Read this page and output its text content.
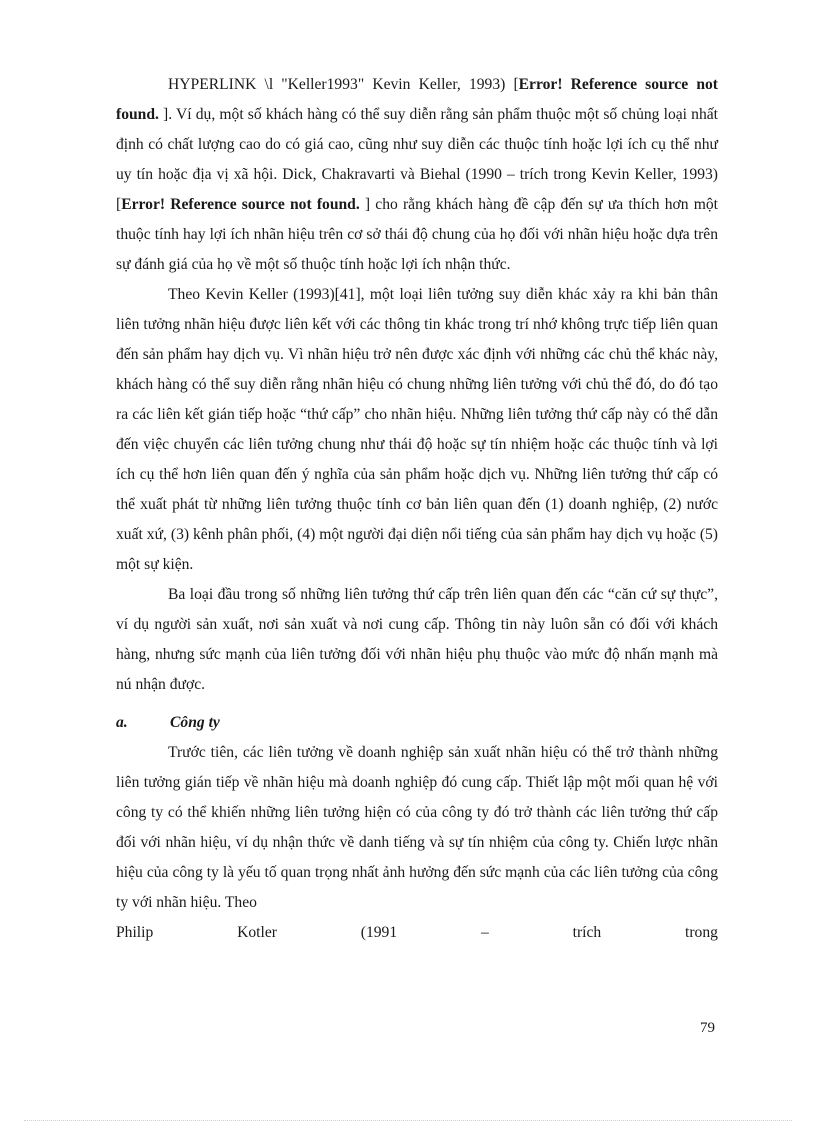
HYPERLINK \l "Keller1993" Kevin Keller, 1993) [Error! Reference source not found. ]. Ví dụ, một số khách hàng có thể suy diễn rằng sản phẩm thuộc một số chủng loại nhất định có chất lượng cao do có giá cao, cũng như suy diễn các thuộc tính hoặc lợi ích cụ thể như uy tín hoặc địa vị xã hội. Dick, Chakravarti và Biehal (1990 – trích trong Kevin Keller, 1993) [Error! Reference source not found. ] cho rằng khách hàng đề cập đến sự ưa thích hơn một thuộc tính hay lợi ích nhãn hiệu trên cơ sở thái độ chung của họ đối với nhãn hiệu hoặc dựa trên sự đánh giá của họ về một số thuộc tính hoặc lợi ích nhận thức.

Theo Kevin Keller (1993)[41], một loại liên tưởng suy diễn khác xảy ra khi bản thân liên tưởng nhãn hiệu được liên kết với các thông tin khác trong trí nhớ không trực tiếp liên quan đến sản phẩm hay dịch vụ. Vì nhãn hiệu trở nên được xác định với những các chủ thể khác này, khách hàng có thể suy diễn rằng nhãn hiệu có chung những liên tưởng với chủ thể đó, do đó tạo ra các liên kết gián tiếp hoặc “thứ cấp” cho nhãn hiệu. Những liên tưởng thứ cấp này có thể dẫn đến việc chuyển các liên tưởng chung như thái độ hoặc sự tín nhiệm hoặc các thuộc tính và lợi ích cụ thể hơn liên quan đến ý nghĩa của sản phẩm hoặc dịch vụ. Những liên tưởng thứ cấp có thể xuất phát từ những liên tưởng thuộc tính cơ bản liên quan đến (1) doanh nghiệp, (2) nước xuất xứ, (3) kênh phân phối, (4) một người đại diện nổi tiếng của sản phẩm hay dịch vụ hoặc (5) một sự kiện.

Ba loại đầu trong số những liên tưởng thứ cấp trên liên quan đến các “căn cứ sự thực”, ví dụ người sản xuất, nơi sản xuất và nơi cung cấp. Thông tin này luôn sẵn có đối với khách hàng, nhưng sức mạnh của liên tưởng đối với nhãn hiệu phụ thuộc vào mức độ nhấn mạnh mà nú nhận được.

a.	Công ty

Trước tiên, các liên tưởng về doanh nghiệp sản xuất nhãn hiệu có thể trở thành những liên tưởng gián tiếp về nhãn hiệu mà doanh nghiệp đó cung cấp. Thiết lập một mối quan hệ với công ty có thể khiến những liên tưởng hiện có của công ty đó trở thành các liên tưởng thứ cấp đối với nhãn hiệu, ví dụ nhận thức về danh tiếng và sự tín nhiệm của công ty. Chiến lược nhãn hiệu của công ty là yếu tố quan trọng nhất ảnh hưởng đến sức mạnh của các liên tưởng của công ty với nhãn hiệu. Theo

Philip	Kotler	(1991	–	trích	trong
79
